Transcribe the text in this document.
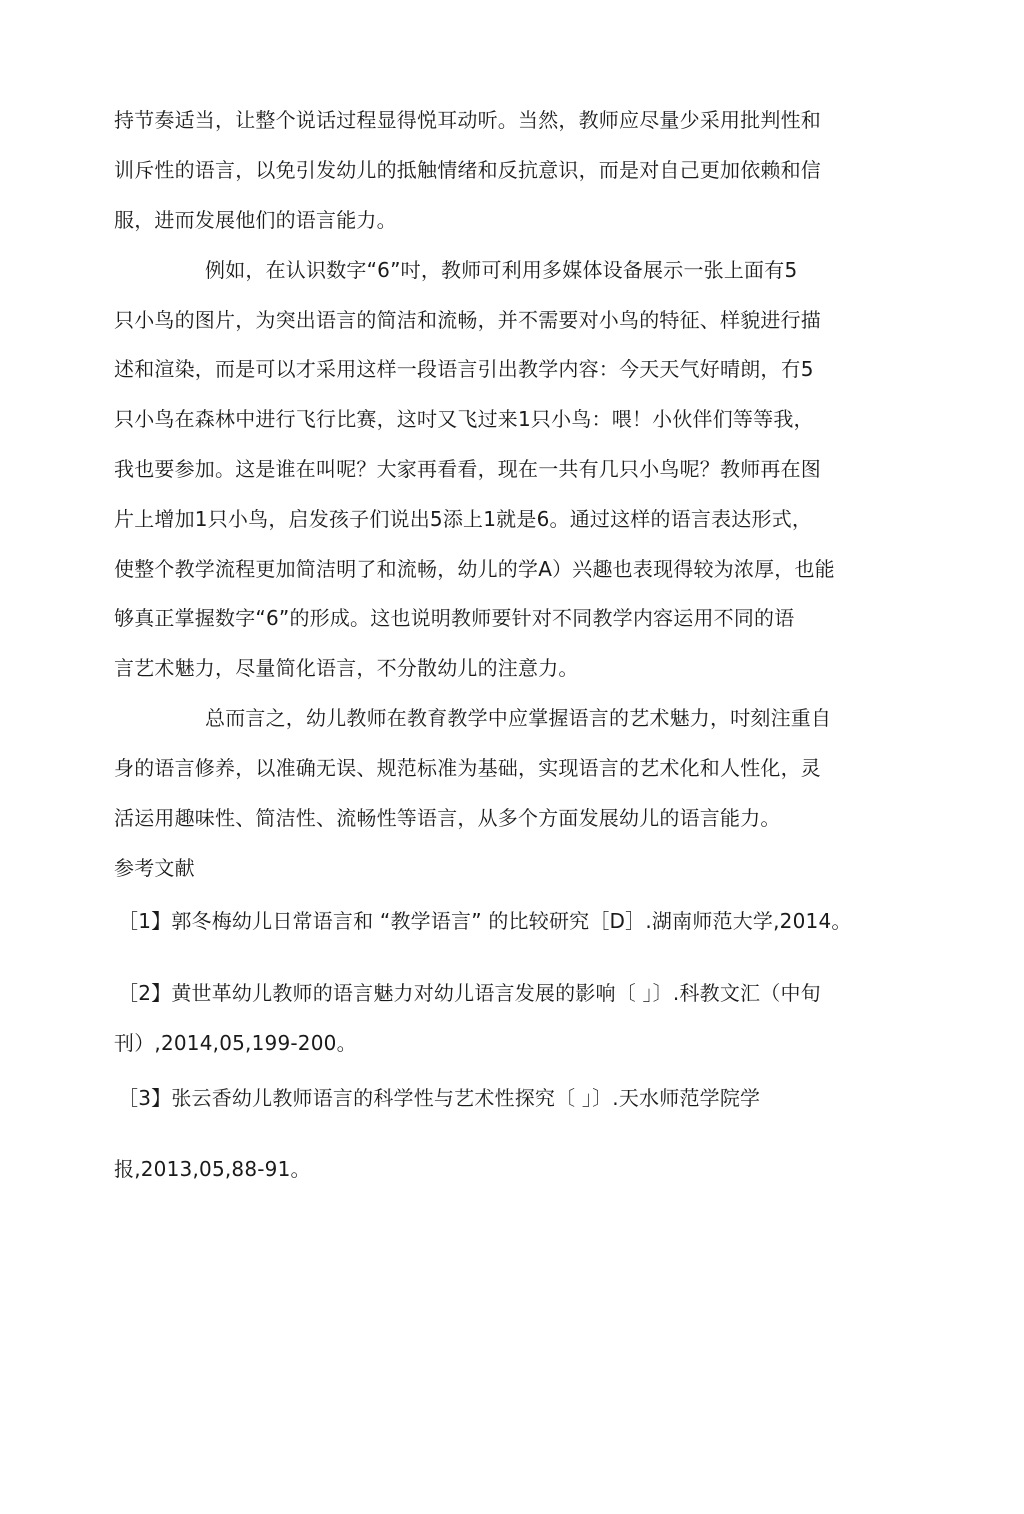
持节奏适当，让整个说话过程显得悦耳动听。当然，教师应尽量少采用批判性和
训斥性的语言，以免引发幼儿的抵触情绪和反抗意识，而是对自己更加依赖和信
服，进而发展他们的语言能力。
例如，在认识数字“6”吋，教师可利用多媒体设备展示一张上面有5
只小鸟的图片，为突出语言的简洁和流畅，并不需要对小鸟的特征、样貌进行描
述和渲染，而是可以才采用这样一段语言引出教学内容：今天天气好晴朗，冇5
只小鸟在森林中进行飞行比赛，这吋又飞过来1只小鸟：喂！小伙伴们等等我，
我也要参加。这是谁在叫呢？大家再看看，现在一共有几只小鸟呢？教师再在图
片上增加1只小鸟，启发孩子们说出5添上1就是6。通过这样的语言表达形式，
使整个教学流程更加简洁明了和流畅，幼儿的学A）兴趣也表现得较为浓厚，也能
够真正掌握数字“6”的形成。这也说明教师要针对不同教学内容运用不同的语
言艺术魅力，尽量简化语言，不分散幼儿的注意力。
总而言之，幼儿教师在教育教学中应掌握语言的艺术魅力，吋刻注重自
身的语言修养，以准确无误、规范标准为基础，实现语言的艺术化和人性化，灵
活运用趣味性、简洁性、流畅性等语言，从多个方面发展幼儿的语言能力。
参考文献
［1】郭冬梅幼儿日常语言和 “教学语言” 的比较研究［D］.湖南师范大学,2014。
［2】黄世革幼儿教师的语言魅力对幼儿语言发展的影响〔 」〕.科教文汇（中旬
刊）,2014,05,199-200。
［3】张云香幼儿教师语言的科学性与艺术性探究〔 」〕.天水师范学院学
报,2013,05,88-91。
